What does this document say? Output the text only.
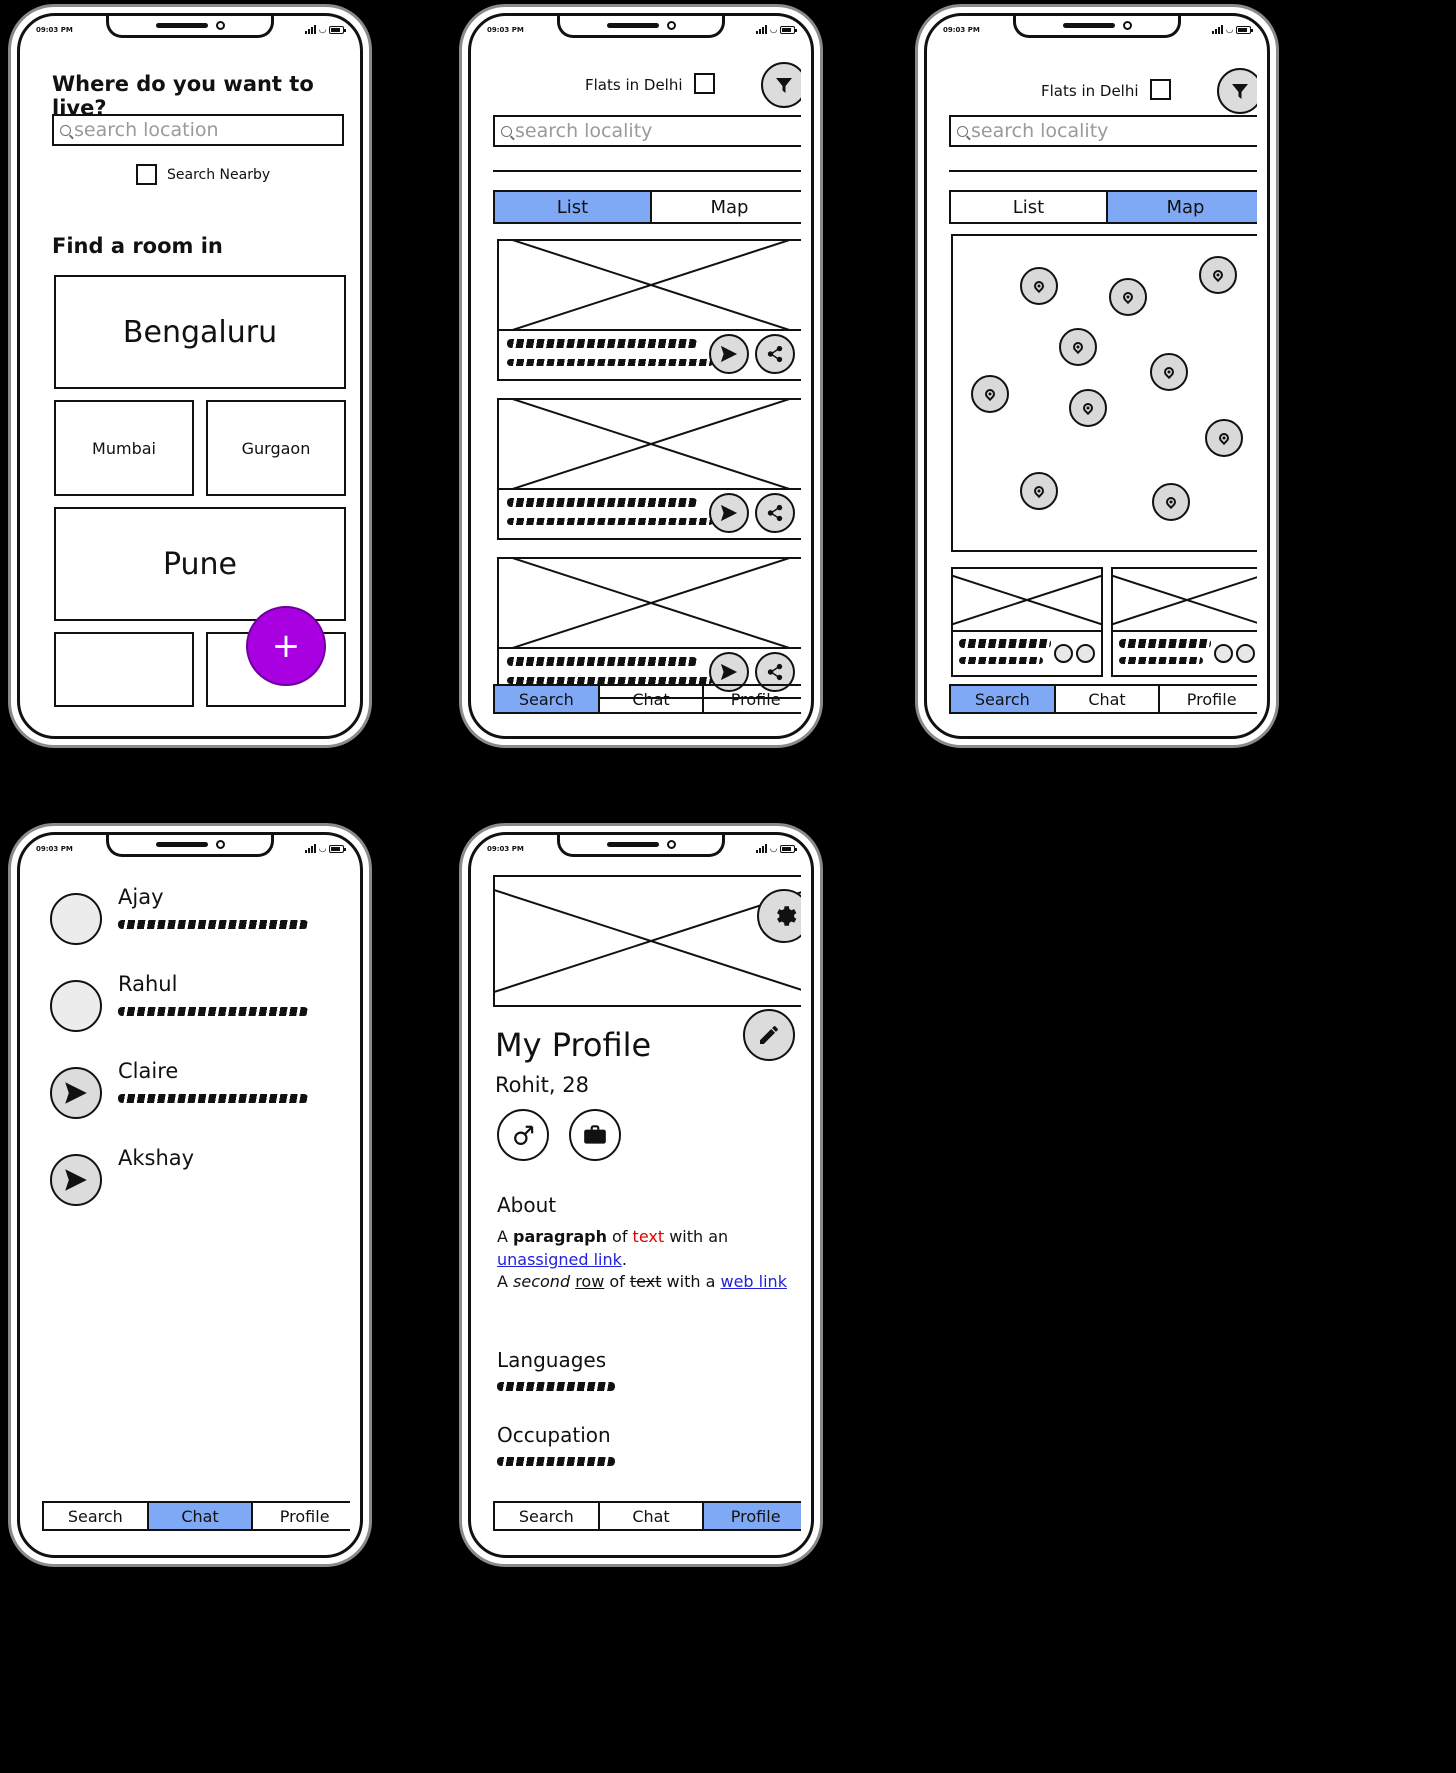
09:03 PM	◡
Where do you want to live?
search location
Search Nearby
Find a room in
Bengaluru
Mumbai	Gurgaon
Pune
+
09:03 PM	◡
Flats in Delhi
search locality
List	Map
Search	Chat	Profile
09:03 PM	◡
Flats in Delhi
search locality
List	Map
Search	Chat	Profile
09:03 PM	◡
Ajay
Rahul
Claire
Akshay
Search	Chat	Profile
09:03 PM	◡
My Profile
Rohit, 28
About
A paragraph of text with an unassigned link.
A second row of text with a web link
Languages
Occupation
Search	Chat	Profile
